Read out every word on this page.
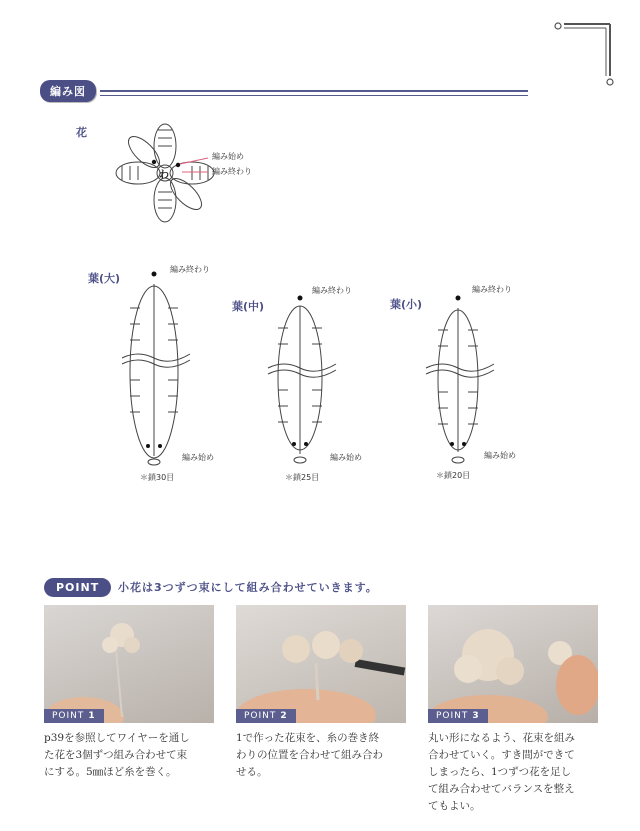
編み図
花
わ
編み始め
編み終わり
葉(大)
編み終わり
編み始め
＊鎖30目
葉(中)
編み終わり
編み始め
＊鎖25目
葉(小)
編み終わり
編み始め
＊鎖20目
POINT	小花は3つずつ束にして組み合わせていきます。
POINT 1	POINT 2	POINT 3
p39を参照してワイヤーを通し
た花を3個ずつ組み合わせて束
にする。5㎜ほど糸を巻く。
1で作った花束を、糸の巻き終
わりの位置を合わせて組み合わ
せる。
丸い形になるよう、花束を組み
合わせていく。すき間ができて
しまったら、1つずつ花を足し
て組み合わせてバランスを整え
てもよい。
